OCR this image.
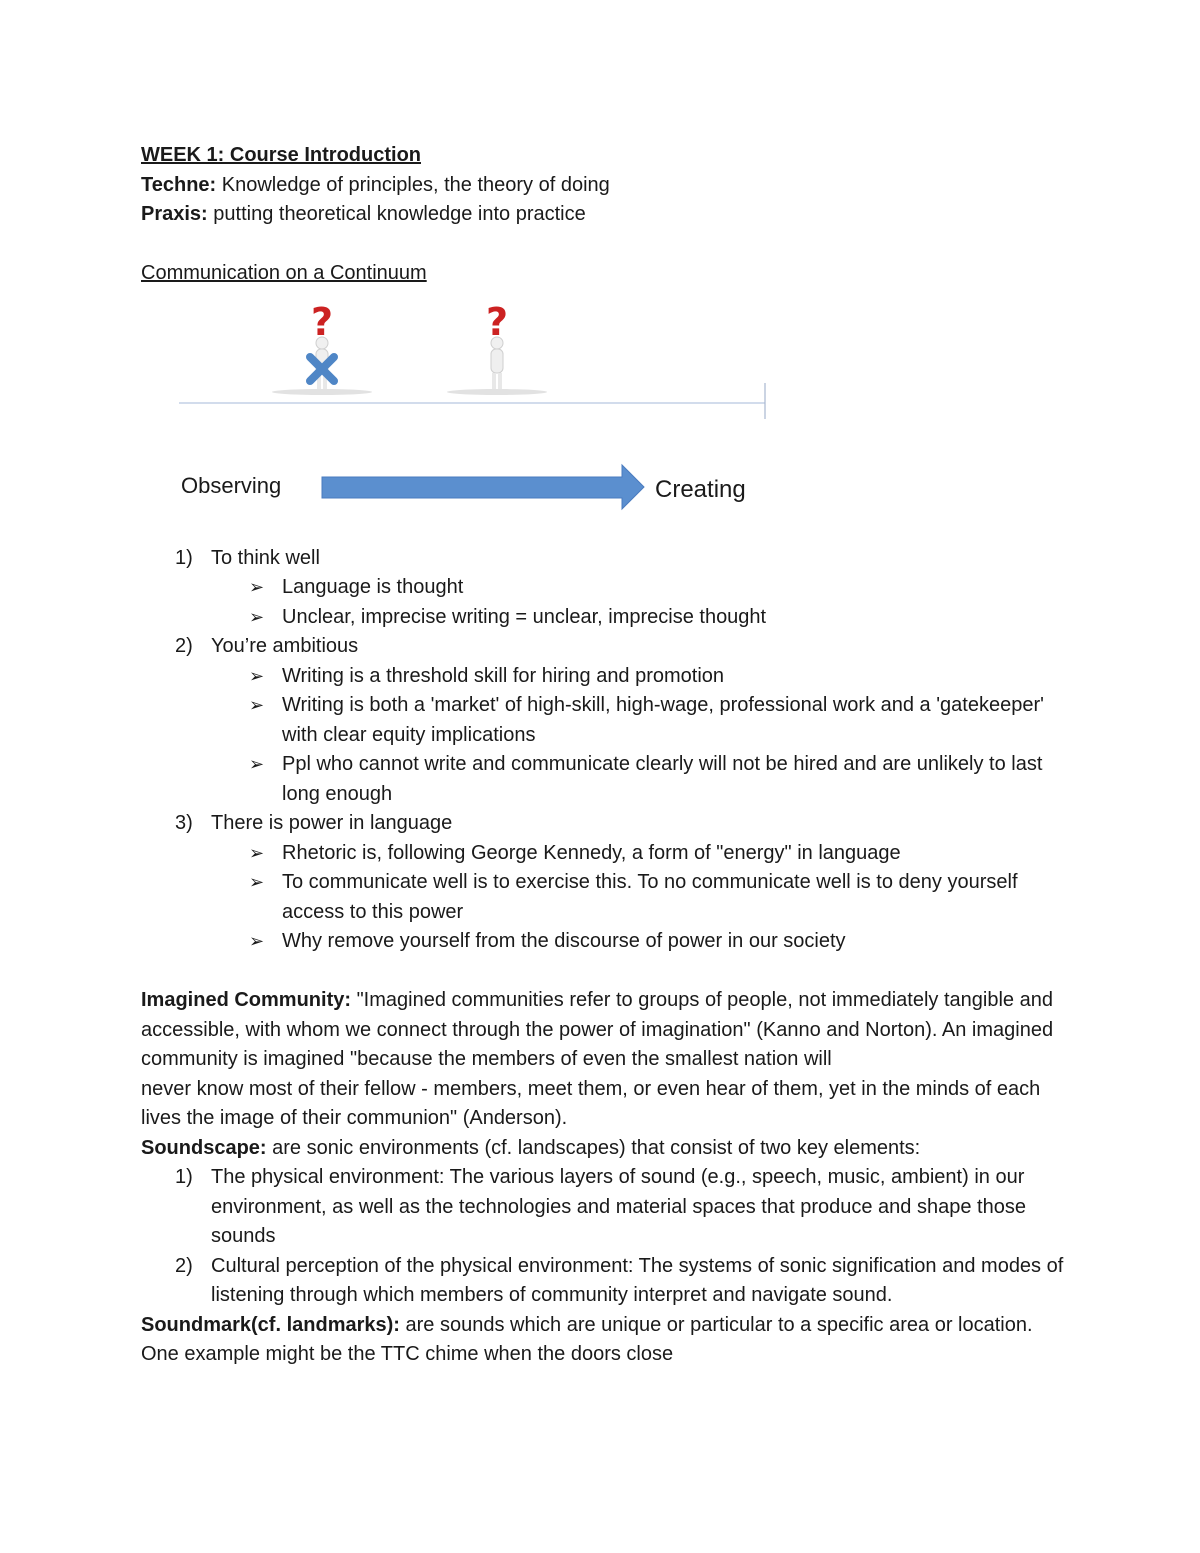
WEEK 1: Course Introduction
Techne: Knowledge of principles, the theory of doing
Praxis: putting theoretical knowledge into practice
Communication on a Continuum
?	?
Observing	Creating
1) To think well
➢ Language is thought
➢ Unclear, imprecise writing = unclear, imprecise thought
2) You’re ambitious
➢ Writing is a threshold skill for hiring and promotion
➢ Writing is both a 'market' of high-skill, high-wage, professional work and a 'gatekeeper' with clear equity implications
➢ Ppl who cannot write and communicate clearly will not be hired and are unlikely to last long enough
3) There is power in language
➢ Rhetoric is, following George Kennedy, a form of "energy" in language
➢ To communicate well is to exercise this. To no communicate well is to deny yourself access to this power
➢ Why remove yourself from the discourse of power in our society
Imagined Community: "Imagined communities refer to groups of people, not immediately tangible and accessible, with whom we connect through the power of imagination" (Kanno and Norton). An imagined community is imagined "because the members of even the smallest nation will
never know most of their fellow - members, meet them, or even hear of them, yet in the minds of each lives the image of their communion" (Anderson).
Soundscape: are sonic environments (cf. landscapes) that consist of two key elements:
1) The physical environment: The various layers of sound (e.g., speech, music, ambient) in our environment, as well as the technologies and material spaces that produce and shape those sounds
2) Cultural perception of the physical environment: The systems of sonic signification and modes of listening through which members of community interpret and navigate sound.
Soundmark(cf. landmarks): are sounds which are unique or particular to a specific area or location. One example might be the TTC chime when the doors close
